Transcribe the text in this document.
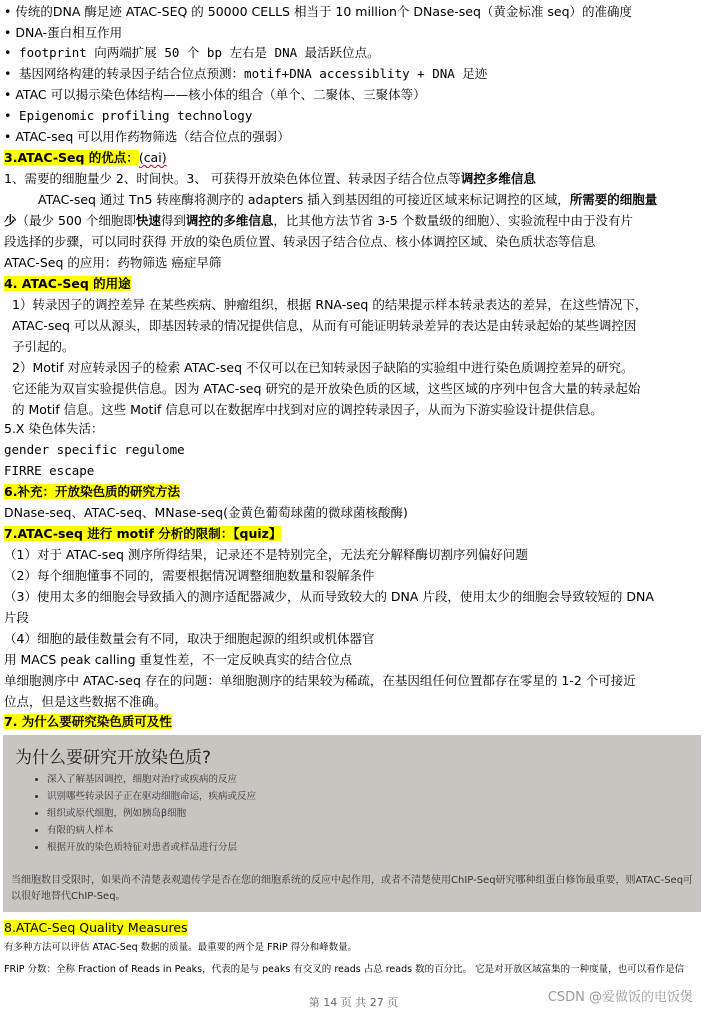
• 传统的DNA 酶足迹 ATAC-SEQ 的 50000 CELLS 相当于 10 million个 DNase-seq（黄金标准 seq）的准确度
• DNA-蛋白相互作用
• footprint 向两端扩展 50 个 bp 左右是 DNA 最活跃位点。
• 基因网络构建的转录因子结合位点预测：motif+DNA accessiblity + DNA 足迹
• ATAC 可以揭示染色体结构——核小体的组合（单个、二聚体、三聚体等）
• Epigenomic profiling technology
• ATAC-seq 可以用作药物筛选（结合位点的强弱）
3.ATAC-Seq 的优点：(cai)
1、需要的细胞量少 2、时间快。3、 可获得开放染色体位置、转录因子结合位点等调控多维信息
ATAC-seq 通过 Tn5 转座酶将测序的 adapters 插入到基因组的可接近区域来标记调控的区域，所需要的细胞量
少（最少 500 个细胞即快速得到调控的多维信息，比其他方法节省 3-5 个数量级的细胞）、实验流程中由于没有片
段选择的步骤，可以同时获得 开放的染色质位置、转录因子结合位点、核小体调控区域、染色质状态等信息
ATAC-Seq 的应用：药物筛选 癌症早筛
4. ATAC-Seq 的用途
1）转录因子的调控差异 在某些疾病、肿瘤组织，根据 RNA-seq 的结果提示样本转录表达的差异，在这些情况下，
ATAC-seq 可以从源头，即基因转录的情况提供信息，从而有可能证明转录差异的表达是由转录起始的某些调控因
子引起的。
2）Motif 对应转录因子的检索 ATAC-seq 不仅可以在已知转录因子缺陷的实验组中进行染色质调控差异的研究。
它还能为双盲实验提供信息。因为 ATAC-seq 研究的是开放染色质的区域，这些区域的序列中包含大量的转录起始
的 Motif 信息。这些 Motif 信息可以在数据库中找到对应的调控转录因子，从而为下游实验设计提供信息。
5.X 染色体失活：
gender specific regulome
FIRRE escape
6.补充：开放染色质的研究方法
DNase-seq、ATAC-seq、MNase-seq(金黄色葡萄球菌的微球菌核酸酶)
7.ATAC-seq 进行 motif 分析的限制：【quiz】
（1）对于 ATAC-seq 测序所得结果，记录还不是特别完全，无法充分解释酶切割序列偏好问题
（2）每个细胞懂事不同的，需要根据情况调整细胞数量和裂解条件
（3）使用太多的细胞会导致插入的测序适配器减少，从而导致较大的 DNA 片段，使用太少的细胞会导致较短的 DNA
片段
（4）细胞的最佳数量会有不同，取决于细胞起源的组织或机体器官
用 MACS peak calling 重复性差，不一定反映真实的结合位点
单细胞测序中 ATAC-seq 存在的问题：单细胞测序的结果较为稀疏，在基因组任何位置都存在零星的 1-2 个可接近
位点，但是这些数据不准确。
7. 为什么要研究染色质可及性
为什么要研究开放染色质?
• 深入了解基因调控，细胞对治疗或疾病的反应
• 识别哪些转录因子正在驱动细胞命运，疾病或反应
• 组织或原代细胞，例如胰岛β细胞
• 有限的病人样本
• 根据开放的染色质特征对患者或样品进行分层
当细胞数目受限时，如果尚不清楚表观遗传学是否在您的细胞系统的反应中起作用，或者不清楚使用ChIP-Seq研究哪种组蛋白修饰最重要，则ATAC-Seq可以很好地替代ChIP-Seq。
8.ATAC-Seq Quality Measures
有多种方法可以评估 ATAC-Seq 数据的质量。最重要的两个是 FRiP 得分和峰数量。
FRiP 分数：全称 Fraction of Reads in Peaks，代表的是与 peaks 有交叉的 reads 占总 reads 数的百分比。 它是对开放区域富集的一种度量，也可以看作是信
第 14 页 共 27 页	CSDN @爱做饭的电饭煲
